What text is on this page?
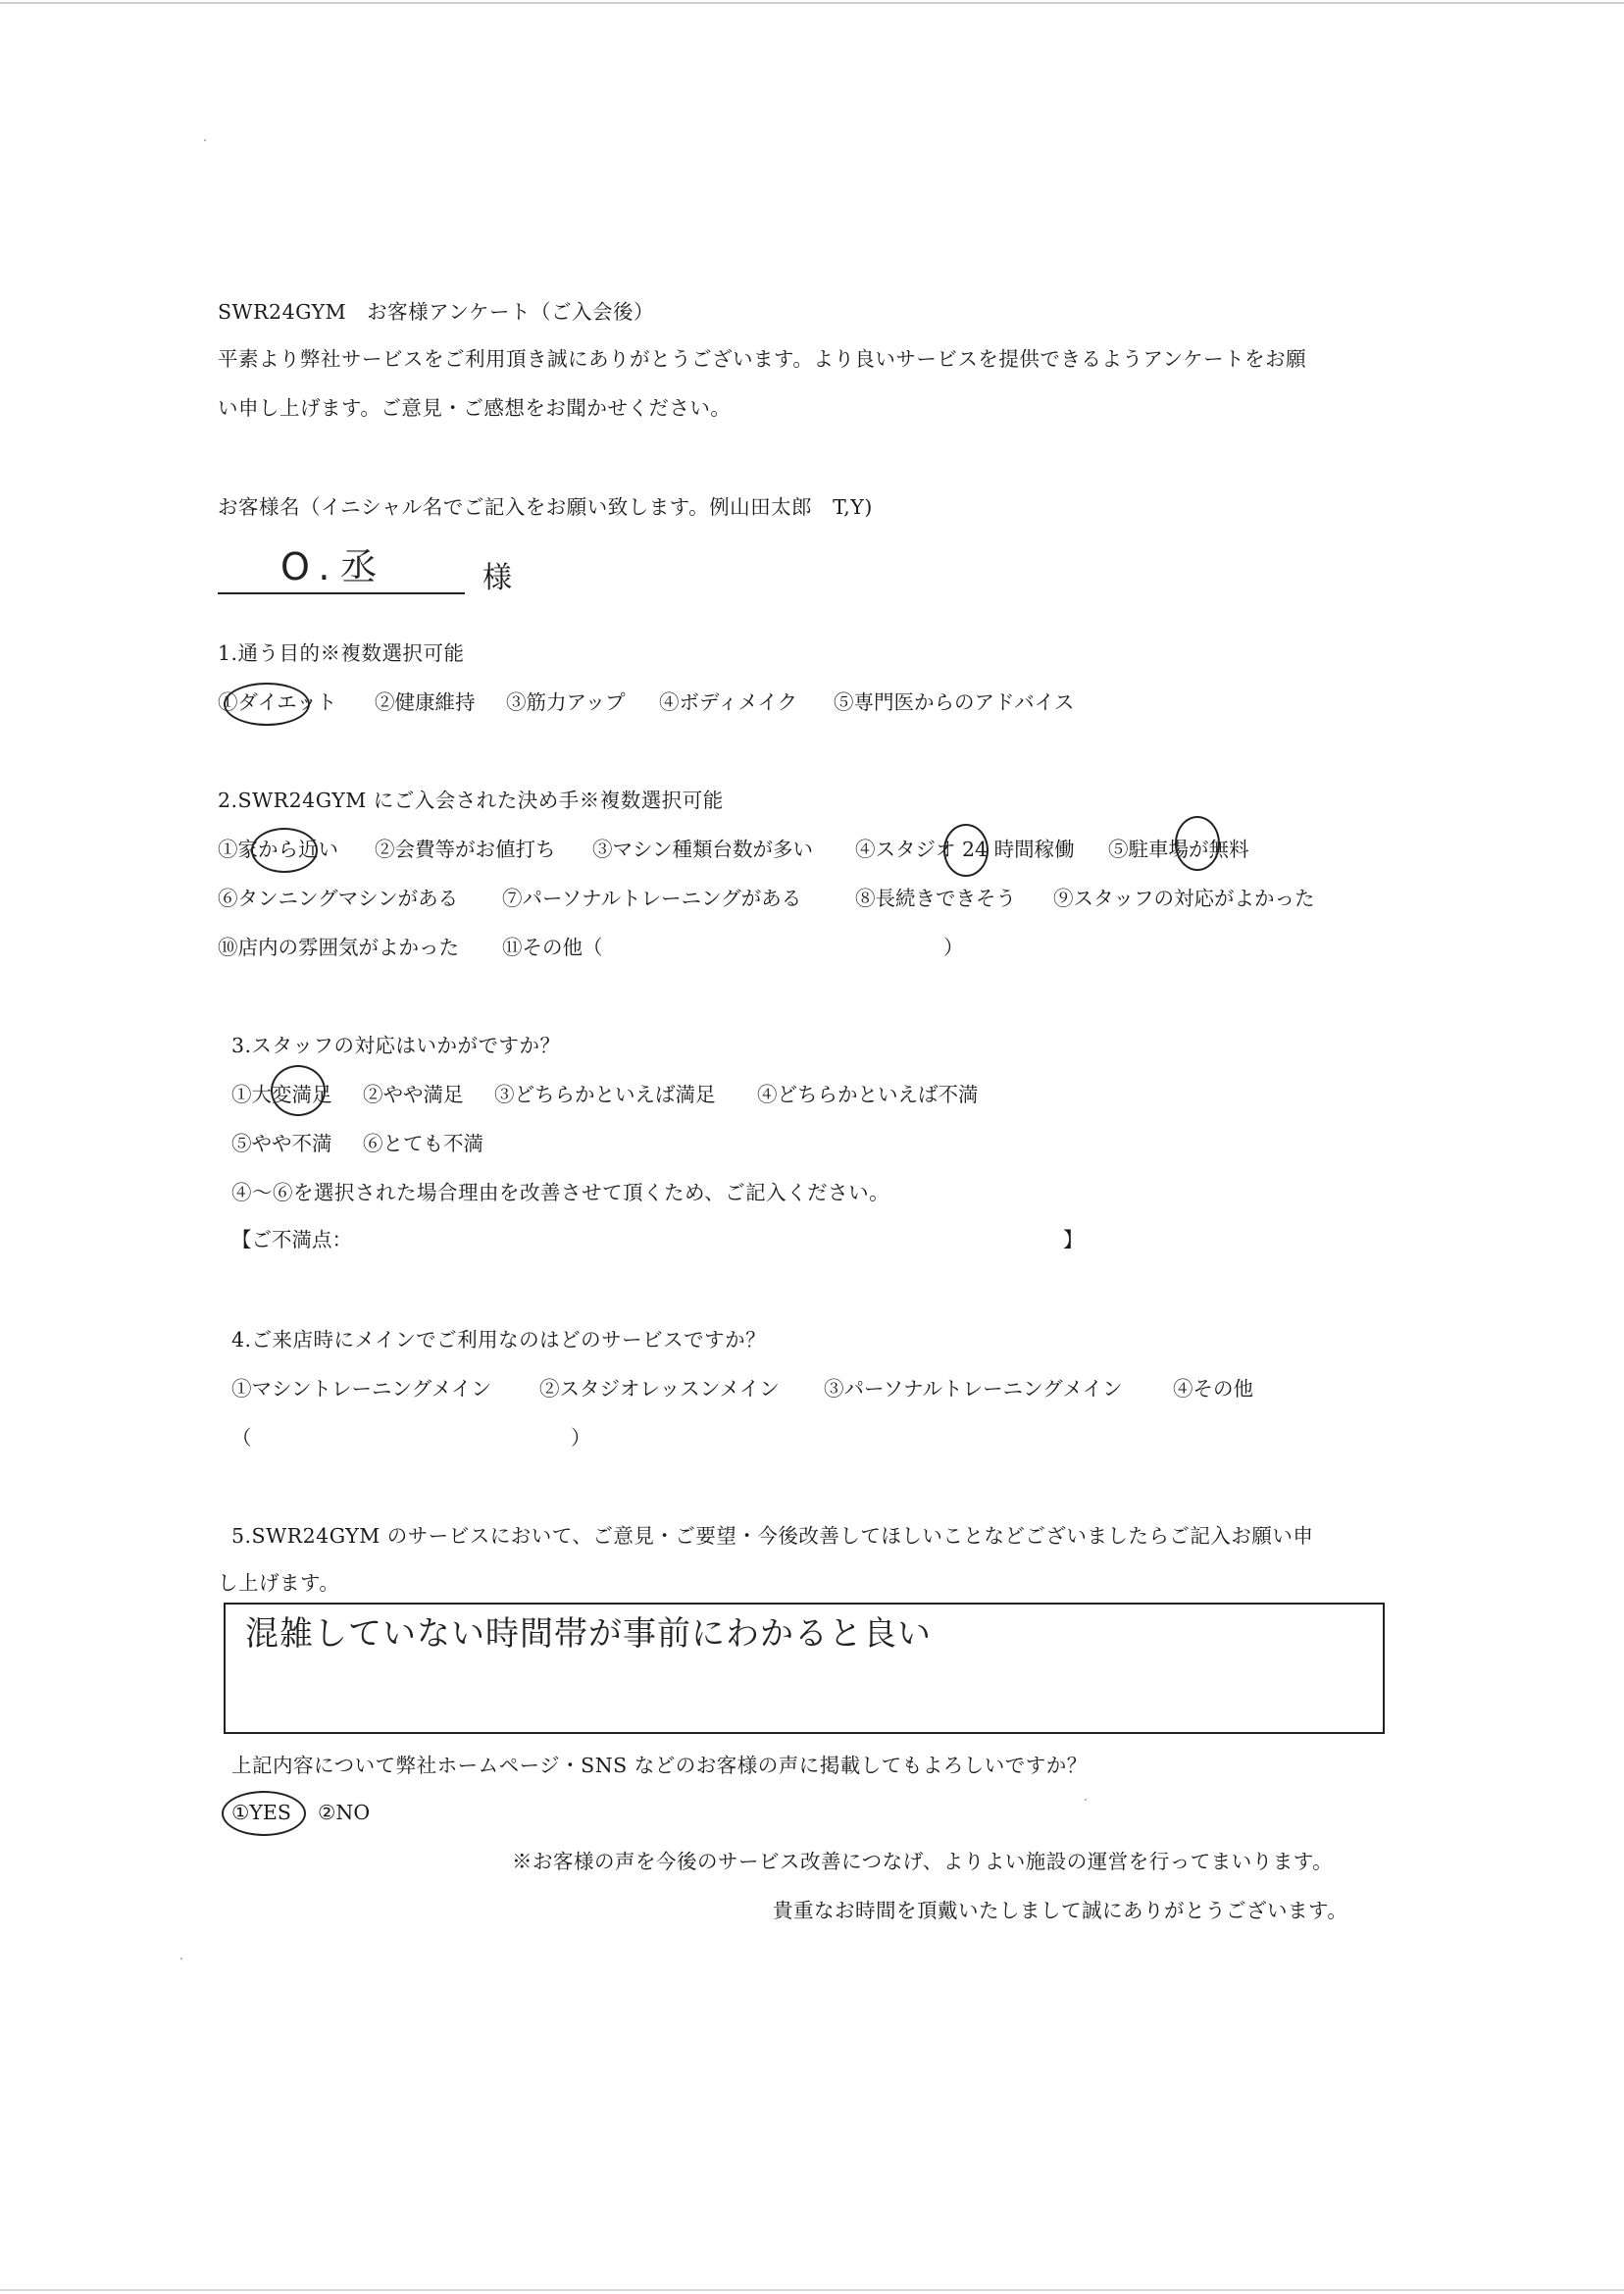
SWR24GYM　お客様アンケート（ご入会後）
平素より弊社サービスをご利用頂き誠にありがとうございます。より良いサービスを提供できるようアンケートをお願
い申し上げます。ご意見・ご感想をお聞かせください。
お客様名（イニシャル名でご記入をお願い致します。例山田太郎　T,Y)
O.丞	様
1.通う目的※複数選択可能
①ダイエット ②健康維持 ③筋力アップ ④ボディメイク ⑤専門医からのアドバイス
2.SWR24GYM にご入会された決め手※複数選択可能
①家から近い ②会費等がお値打ち ③マシン種類台数が多い ④スタジオ 24 時間稼働 ⑤駐車場が無料
⑥タンニングマシンがある ⑦パーソナルトレーニングがある	⑧長続きできそう ⑨スタッフの対応がよかった
⑩店内の雰囲気がよかった ⑪その他（	）
3.スタッフの対応はいかがですか？
①大変満足 ②やや満足 ③どちらかといえば満足 ④どちらかといえば不満
⑤やや不満 ⑥とても不満
④～⑥を選択された場合理由を改善させて頂くため、ご記入ください。
【ご不満点：	】
4.ご来店時にメインでご利用なのはどのサービスですか？
①マシントレーニングメイン ②スタジオレッスンメイン ③パーソナルトレーニングメイン	④その他
（	）
5.SWR24GYM のサービスにおいて、ご意見・ご要望・今後改善してほしいことなどございましたらご記入お願い申
し上げます。
混雑していない時間帯が事前にわかると良い
上記内容について弊社ホームページ・SNS などのお客様の声に掲載してもよろしいですか？
①YES ②NO
※お客様の声を今後のサービス改善につなげ、よりよい施設の運営を行ってまいります。
貴重なお時間を頂戴いたしまして誠にありがとうございます。
